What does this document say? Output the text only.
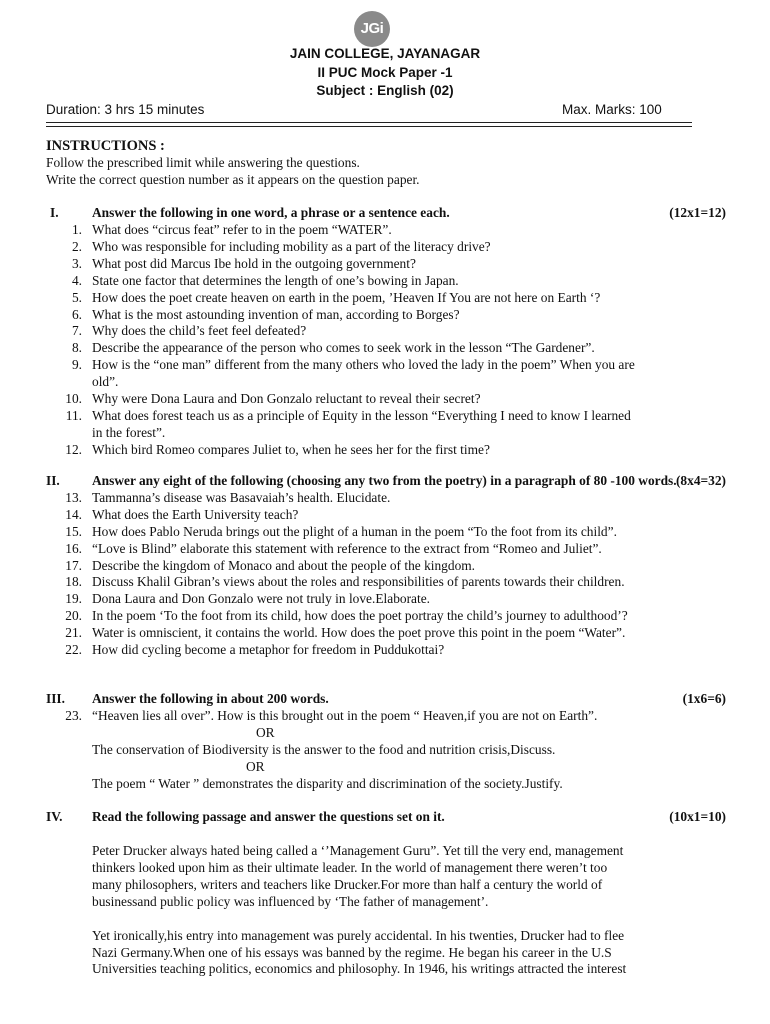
JGi
JAIN COLLEGE, JAYANAGAR
II PUC Mock Paper -1
Subject : English (02)
Duration: 3 hrs 15 minutes	Max. Marks: 100
INSTRUCTIONS :
Follow the prescribed limit while answering the questions.
Write the correct question number as it appears on the question paper.
I. Answer the following in one word, a phrase or a sentence each.	(12x1=12)
1. What does “circus feat” refer to in the poem “WATER”.
2. Who was responsible for including mobility as a part of the literacy drive?
3. What post did Marcus Ibe hold in the outgoing government?
4. State one factor that determines the length of one’s bowing in Japan.
5. How does the poet create heaven on earth in the poem, ’Heaven If You are not here on Earth ‘?
6. What is the most astounding invention of man, according to Borges?
7. Why does the child’s feet feel defeated?
8. Describe the appearance of the person who comes to seek work in the lesson “The Gardener”.
9. How is the “one man” different from the many others who loved the lady in the poem” When you are
old”.
10. Why were Dona Laura and Don Gonzalo reluctant to reveal their secret?
11. What does forest teach us as a principle of Equity in the lesson “Everything I need to know I learned
in the forest”.
12. Which bird Romeo compares Juliet to, when he sees her for the first time?
II. Answer any eight of the following (choosing any two from the poetry) in a paragraph of 80 -100 words. (8x4=32)
13. Tammanna’s disease was Basavaiah’s health. Elucidate.
14. What does the Earth University teach?
15. How does Pablo Neruda brings out the plight of a human in the poem “To the foot from its child”.
16. “Love is Blind” elaborate this statement with reference to the extract from “Romeo and Juliet”.
17. Describe the kingdom of Monaco and about the people of the kingdom.
18. Discuss Khalil Gibran’s views about the roles and responsibilities of parents towards their children.
19. Dona Laura and Don Gonzalo were not truly in love.Elaborate.
20. In the poem ‘To the foot from its child, how does the poet portray the child’s journey to adulthood’?
21. Water is omniscient, it contains the world. How does the poet prove this point in the poem “Water”.
22. How did cycling become a metaphor for freedom in Puddukottai?
III. Answer the following in about 200 words.	(1x6=6)
23. “Heaven lies all over”. How is this brought out in the poem “ Heaven,if you are not on Earth”.
OR
The conservation of Biodiversity is the answer to the food and nutrition crisis,Discuss.
OR
The poem “ Water ” demonstrates the disparity and discrimination of the society.Justify.
IV. Read the following passage and answer the questions set on it.	(10x1=10)
Peter Drucker always hated being called a ‘’Management Guru”. Yet till the very end, management
thinkers looked upon him as their ultimate leader. In the world of management there weren’t too
many philosophers, writers and teachers like Drucker.For more than half a century the world of
businessand public policy was influenced by ‘The father of management’.
Yet ironically,his entry into management was purely accidental. In his twenties, Drucker had to flee
Nazi Germany.When one of his essays was banned by the regime. He began his career in the U.S
Universities teaching politics, economics and philosophy. In 1946, his writings attracted the interest
